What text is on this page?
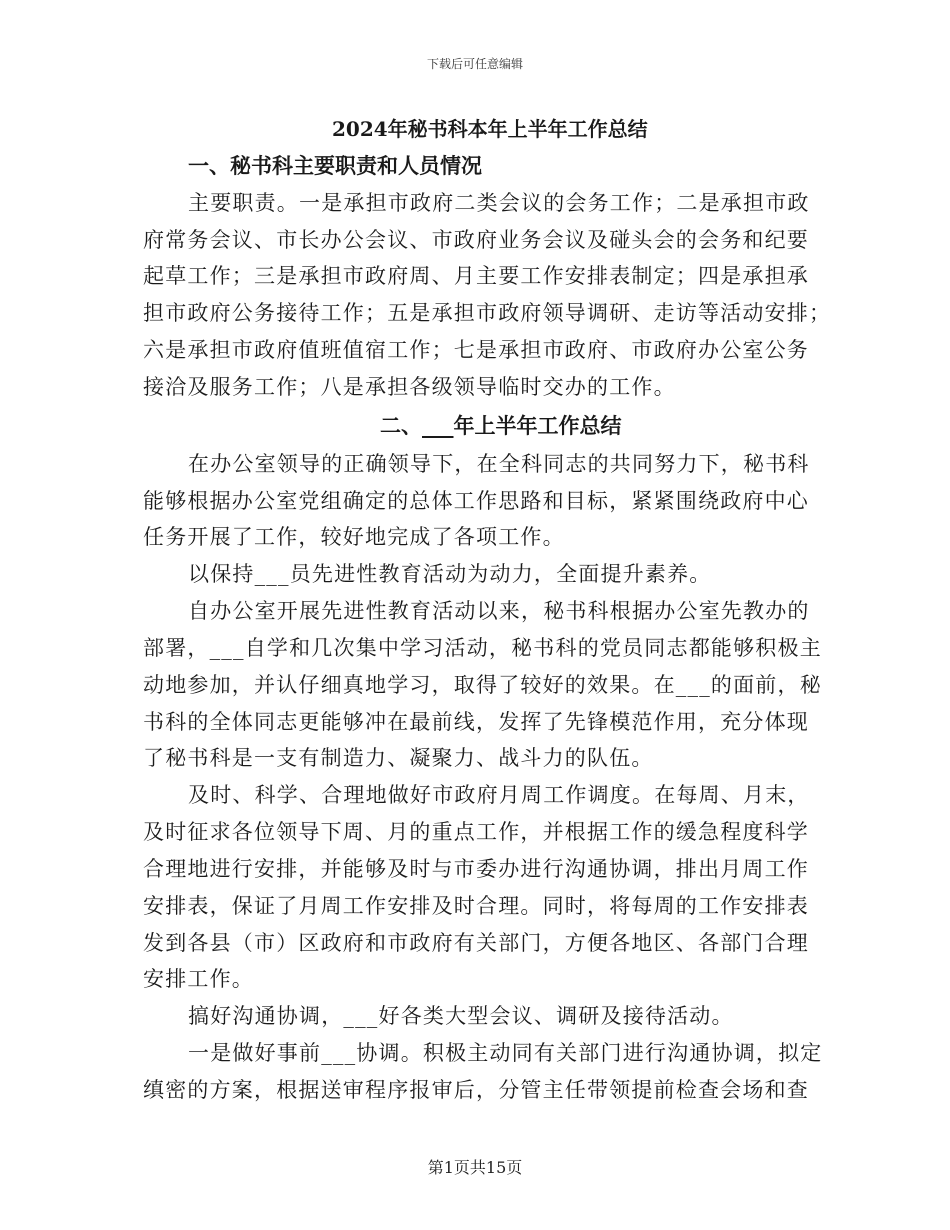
下载后可任意编辑
2024年秘书科本年上半年工作总结
一、秘书科主要职责和人员情况
主要职责。一是承担市政府二类会议的会务工作；二是承担市政
府常务会议、市长办公会议、市政府业务会议及碰头会的会务和纪要
起草工作；三是承担市政府周、月主要工作安排表制定；四是承担承
担市政府公务接待工作；五是承担市政府领导调研、走访等活动安排；
六是承担市政府值班值宿工作；七是承担市政府、市政府办公室公务
接洽及服务工作；八是承担各级领导临时交办的工作。
二、___年上半年工作总结
在办公室领导的正确领导下，在全科同志的共同努力下，秘书科
能够根据办公室党组确定的总体工作思路和目标，紧紧围绕政府中心
任务开展了工作，较好地完成了各项工作。
以保持___员先进性教育活动为动力，全面提升素养。
自办公室开展先进性教育活动以来，秘书科根据办公室先教办的
部署，___自学和几次集中学习活动，秘书科的党员同志都能够积极主
动地参加，并认仔细真地学习，取得了较好的效果。在___的面前，秘
书科的全体同志更能够冲在最前线，发挥了先锋模范作用，充分体现
了秘书科是一支有制造力、凝聚力、战斗力的队伍。
及时、科学、合理地做好市政府月周工作调度。在每周、月末，
及时征求各位领导下周、月的重点工作，并根据工作的缓急程度科学
合理地进行安排，并能够及时与市委办进行沟通协调，排出月周工作
安排表，保证了月周工作安排及时合理。同时，将每周的工作安排表
发到各县（市）区政府和市政府有关部门，方便各地区、各部门合理
安排工作。
搞好沟通协调，___好各类大型会议、调研及接待活动。
一是做好事前___协调。积极主动同有关部门进行沟通协调，拟定
缜密的方案，根据送审程序报审后，分管主任带领提前检查会场和查
第1页共15页
